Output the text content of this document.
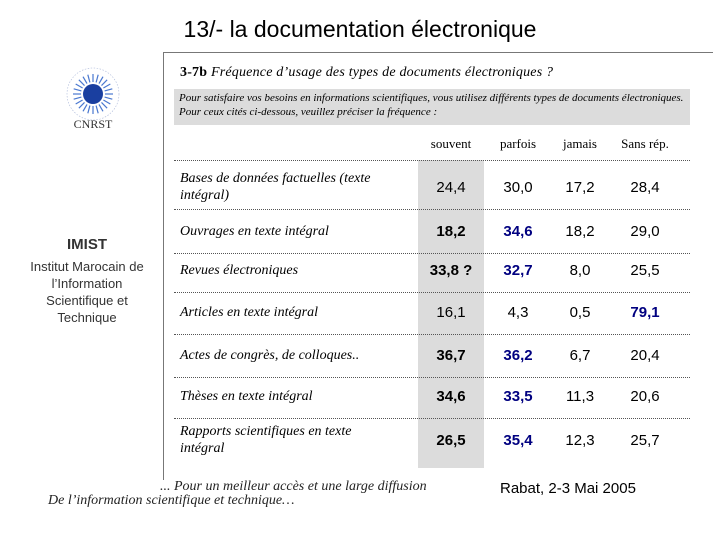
13/- la documentation électronique
CNRST
IMIST
Institut Marocain de l’Information Scientifique et Technique
3-7b Fréquence d’usage des types de documents électroniques ?
Pour satisfaire vos besoins en informations scientifiques, vous utilisez différents types de documents électroniques. Pour ceux cités ci-dessous, veuillez préciser la fréquence :
souvent	parfois	jamais	Sans rép.
Bases de données factuelles (texte intégral)	24,4	30,0	17,2	28,4
Ouvrages en texte intégral	18,2	34,6	18,2	29,0
Revues électroniques	33,8 ?	32,7	8,0	25,5
Articles en texte intégral	16,1	4,3	0,5	79,1
Actes de congrès, de colloques..	36,7	36,2	6,7	20,4
Thèses en texte intégral	34,6	33,5	11,3	20,6
Rapports scientifiques en texte intégral	26,5	35,4	12,3	25,7
... Pour un meilleur accès et une large diffusion
De l’information scientifique et technique…
Rabat, 2-3 Mai 2005
